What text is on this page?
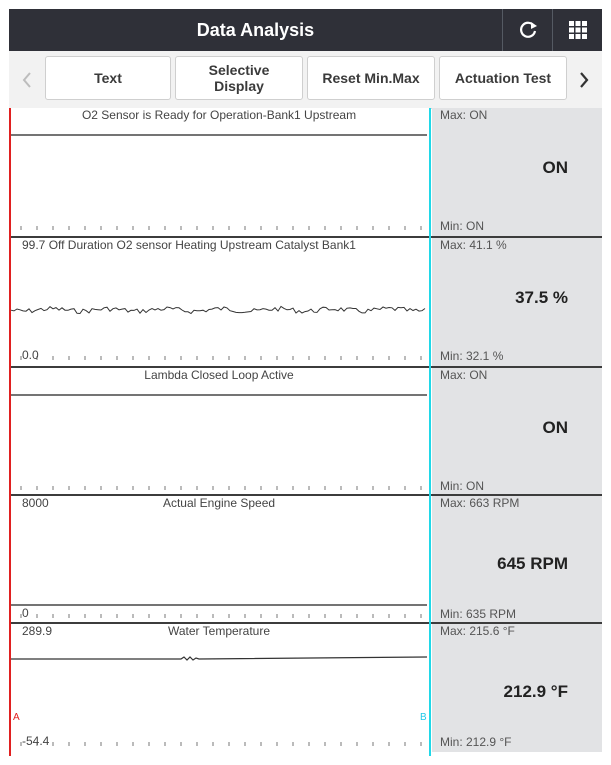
Data Analysis
Text	Selective
Display	Reset Min.Max	Actuation Test
O2 Sensor is Ready for Operation-Bank1 Upstream	Max: ON
ON
Min: ON
99.7 Off Duration O2 sensor Heating Upstream Catalyst Bank1
0.0
Max: 41.1 %
37.5 %
Min: 32.1 %
Lambda Closed Loop Active	Max: ON
ON
Min: ON
Actual Engine Speed
8000
0
Max: 663 RPM
645 RPM
Min: 635 RPM
Water Temperature
289.9
-54.4
Max: 215.6 °F
212.9 °F
Min: 212.9 °F
A	B
